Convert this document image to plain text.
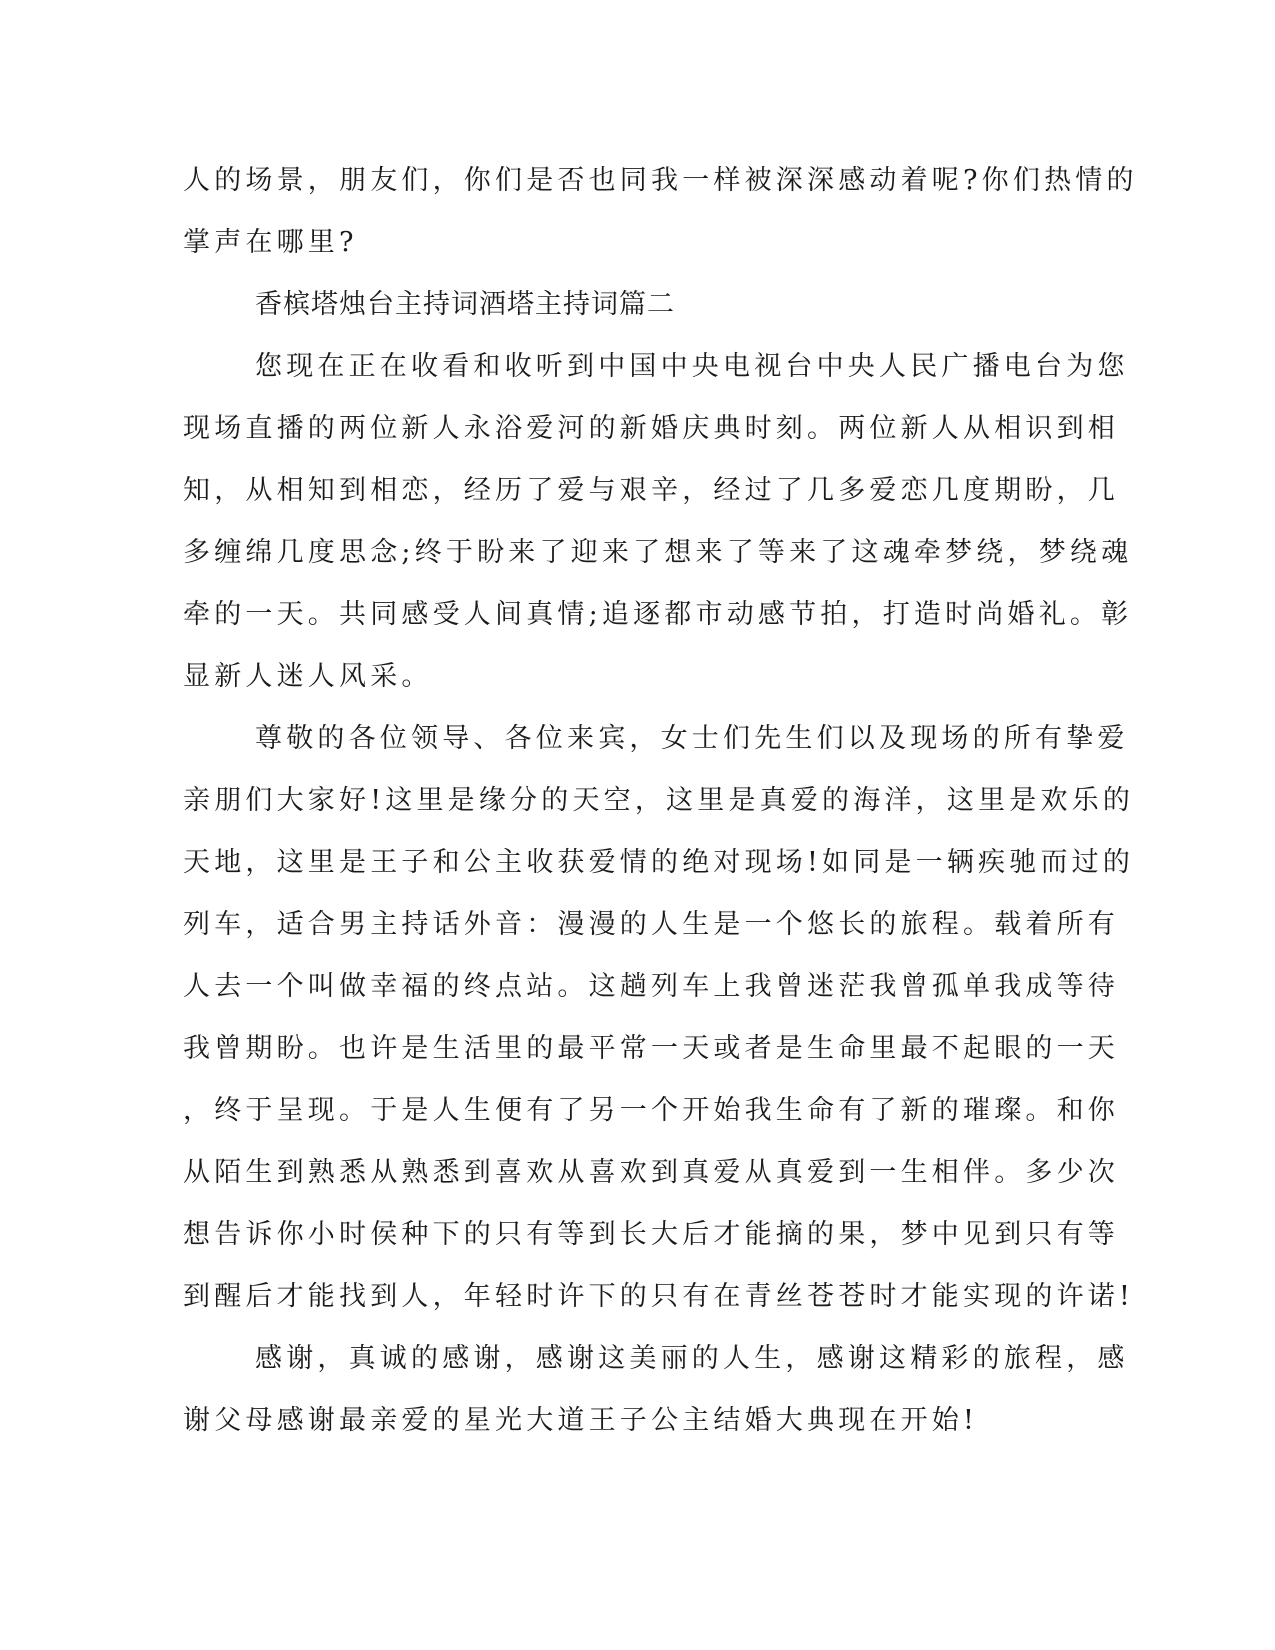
人的场景，朋友们，你们是否也同我一样被深深感动着呢?你们热情的
掌声在哪里?
香槟塔烛台主持词酒塔主持词篇二
您现在正在收看和收听到中国中央电视台中央人民广播电台为您
现场直播的两位新人永浴爱河的新婚庆典时刻。两位新人从相识到相
知，从相知到相恋，经历了爱与艰辛，经过了几多爱恋几度期盼，几
多缠绵几度思念;终于盼来了迎来了想来了等来了这魂牵梦绕，梦绕魂
牵的一天。共同感受人间真情;追逐都市动感节拍，打造时尚婚礼。彰
显新人迷人风采。
尊敬的各位领导、各位来宾，女士们先生们以及现场的所有挚爱
亲朋们大家好!这里是缘分的天空，这里是真爱的海洋，这里是欢乐的
天地，这里是王子和公主收获爱情的绝对现场!如同是一辆疾驰而过的
列车，适合男主持话外音：漫漫的人生是一个悠长的旅程。载着所有
人去一个叫做幸福的终点站。这趟列车上我曾迷茫我曾孤单我成等待
我曾期盼。也许是生活里的最平常一天或者是生命里最不起眼的一天
，终于呈现。于是人生便有了另一个开始我生命有了新的璀璨。和你
从陌生到熟悉从熟悉到喜欢从喜欢到真爱从真爱到一生相伴。多少次
想告诉你小时侯种下的只有等到长大后才能摘的果，梦中见到只有等
到醒后才能找到人，年轻时许下的只有在青丝苍苍时才能实现的许诺!
感谢，真诚的感谢，感谢这美丽的人生，感谢这精彩的旅程，感
谢父母感谢最亲爱的星光大道王子公主结婚大典现在开始!
